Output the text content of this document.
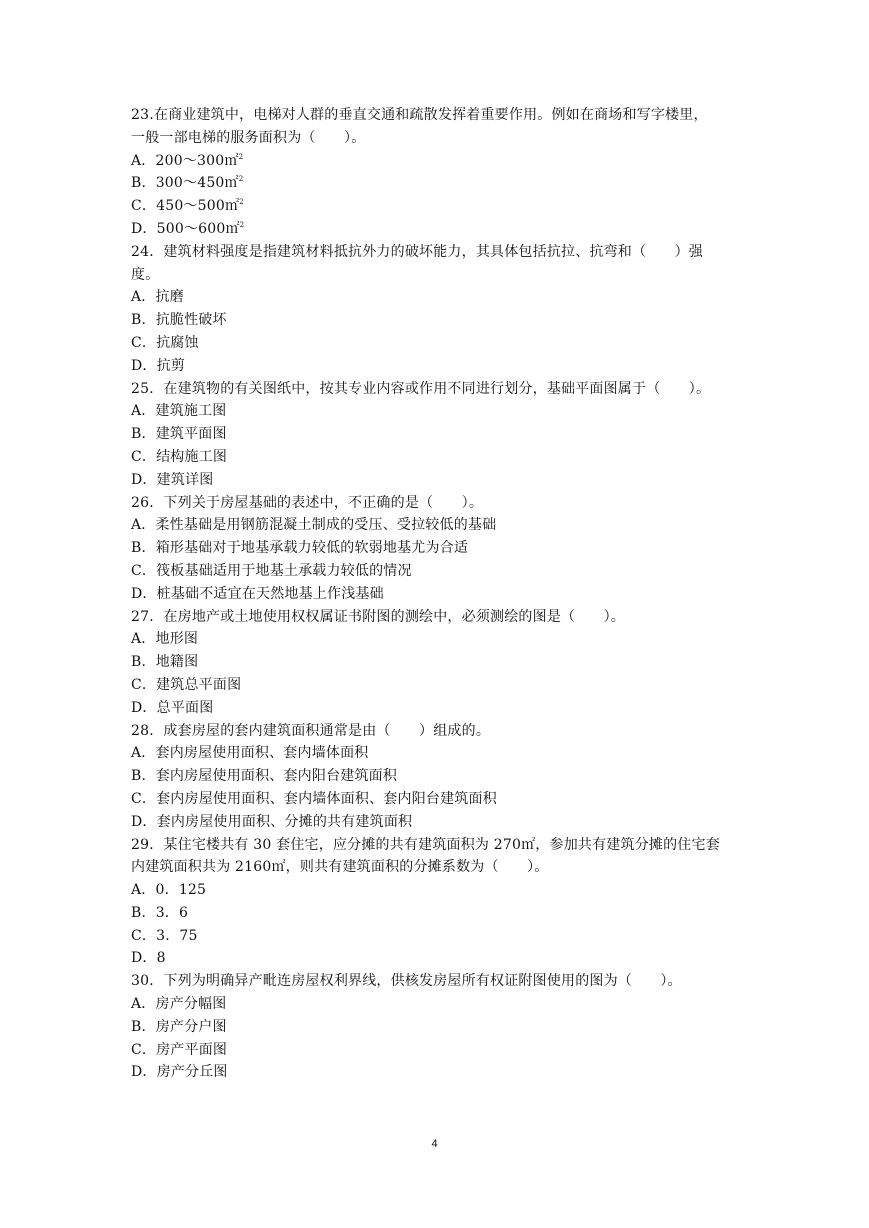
23.在商业建筑中，电梯对人群的垂直交通和疏散发挥着重要作用。例如在商场和写字楼里，
一般一部电梯的服务面积为（　　）。
A．200～300㎡$^2$
B．300～450㎡$^2$
C．450～500㎡$^2$
D．500～600㎡$^2$
24．建筑材料强度是指建筑材料抵抗外力的破坏能力，其具体包括抗拉、抗弯和（　　）强
度。
A．抗磨
B．抗脆性破坏
C．抗腐蚀
D．抗剪
25．在建筑物的有关图纸中，按其专业内容或作用不同进行划分，基础平面图属于（　　）。
A．建筑施工图
B．建筑平面图
C．结构施工图
D．建筑详图
26．下列关于房屋基础的表述中，不正确的是（　　）。
A．柔性基础是用钢筋混凝土制成的受压、受拉较低的基础
B．箱形基础对于地基承载力较低的软弱地基尤为合适
C．筏板基础适用于地基土承载力较低的情况
D．桩基础不适宜在天然地基上作浅基础
27．在房地产或土地使用权权属证书附图的测绘中，必须测绘的图是（　　）。
A．地形图
B．地籍图
C．建筑总平面图
D．总平面图
28．成套房屋的套内建筑面积通常是由（　　）组成的。
A．套内房屋使用面积、套内墙体面积
B．套内房屋使用面积、套内阳台建筑面积
C．套内房屋使用面积、套内墙体面积、套内阳台建筑面积
D．套内房屋使用面积、分摊的共有建筑面积
29．某住宅楼共有 30 套住宅，应分摊的共有建筑面积为 270㎡，参加共有建筑分摊的住宅套
内建筑面积共为 2160㎡，则共有建筑面积的分摊系数为（　　）。
A．0．125
B．3．6
C．3．75
D．8
30．下列为明确异产毗连房屋权利界线，供核发房屋所有权证附图使用的图为（　　）。
A．房产分幅图
B．房产分户图
C．房产平面图
D．房产分丘图
4
